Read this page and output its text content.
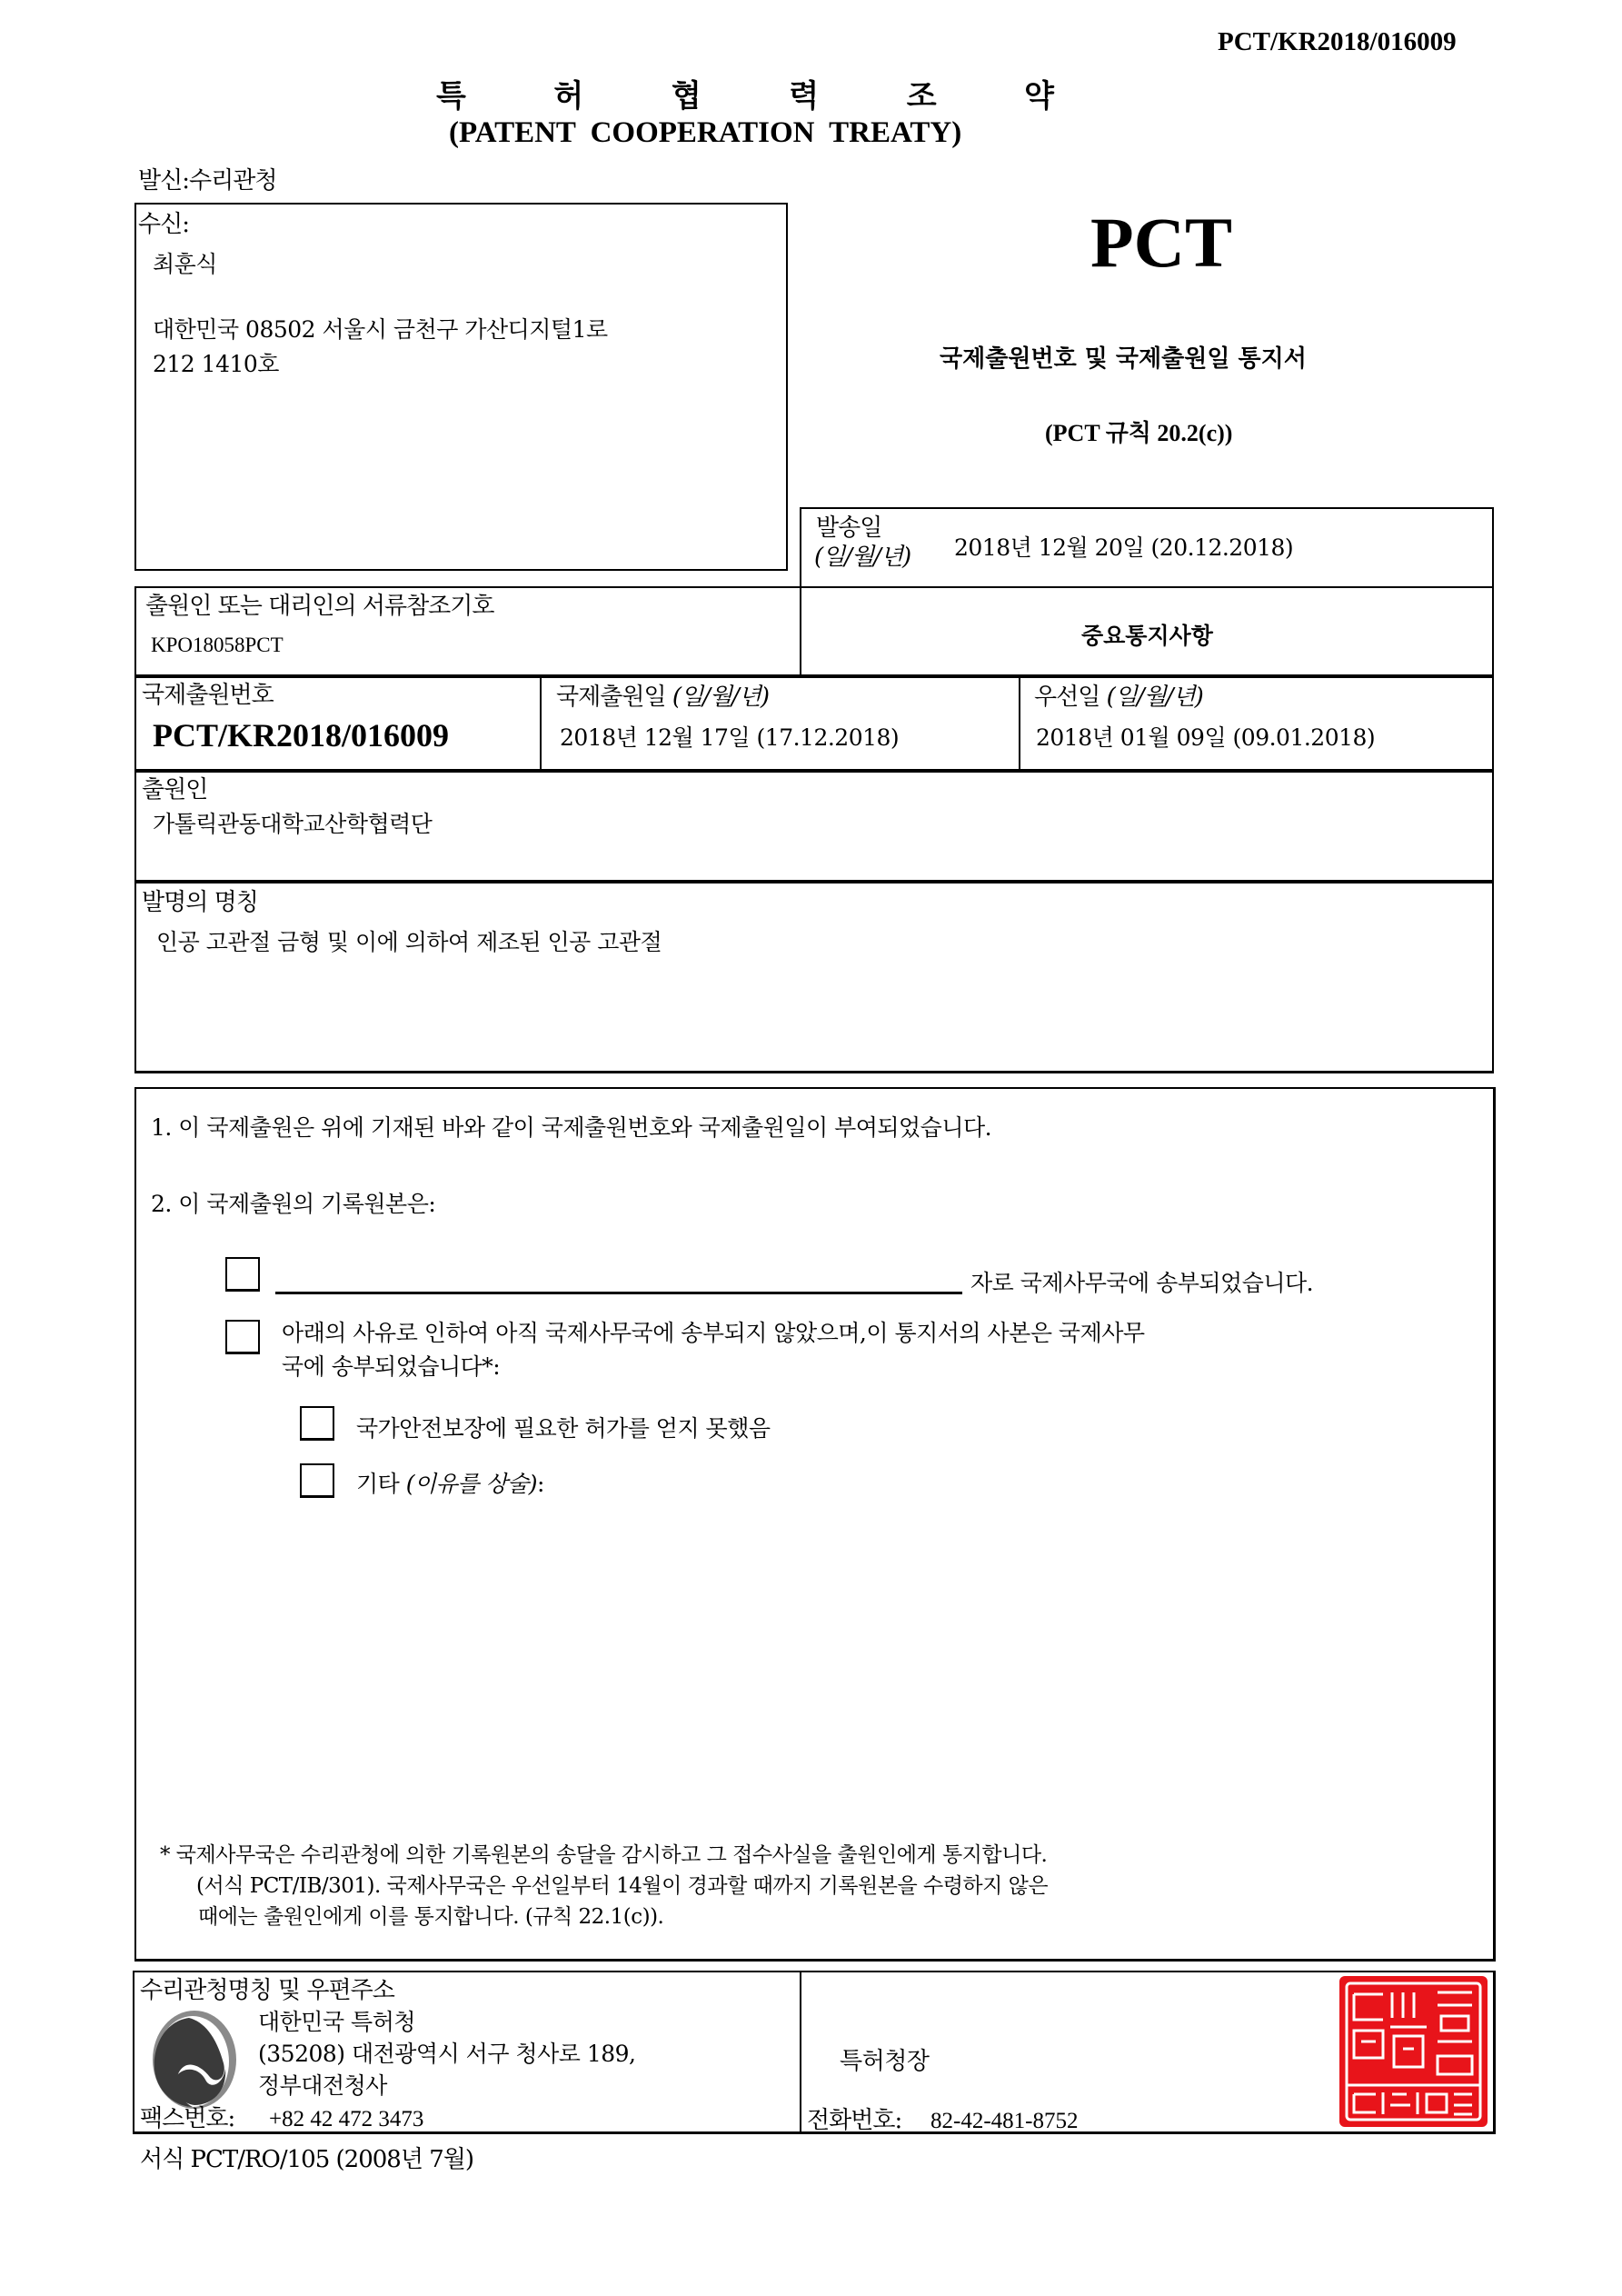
PCT/KR2018/016009
특	허	협	력	조	약
(PATENT COOPERATION TREATY)
발신:수리관청
수신:
최훈식
대한민국 08502 서울시 금천구 가산디지털1로
212 1410호
PCT
국제출원번호 및 국제출원일 통지서
(PCT 규칙 20.2(c))
발송일
(일/월/년) 2018년 12월 20일 (20.12.2018)
출원인 또는 대리인의 서류참조기호
KPO18058PCT	중요통지사항
국제출원번호
PCT/KR2018/016009
국제출원일 (일/월/년)
2018년 12월 17일 (17.12.2018)
우선일 (일/월/년)
2018년 01월 09일 (09.01.2018)
출원인
가톨릭관동대학교산학협력단
발명의 명칭
인공 고관절 금형 및 이에 의하여 제조된 인공 고관절
1. 이 국제출원은 위에 기재된 바와 같이 국제출원번호와 국제출원일이 부여되었습니다.
2. 이 국제출원의 기록원본은:
자로 국제사무국에 송부되었습니다.
아래의 사유로 인하여 아직 국제사무국에 송부되지 않았으며,이 통지서의 사본은 국제사무
국에 송부되었습니다*:
국가안전보장에 필요한 허가를 얻지 못했음
기타 (이유를 상술):
* 국제사무국은 수리관청에 의한 기록원본의 송달을 감시하고 그 접수사실을 출원인에게 통지합니다.
(서식 PCT/IB/301). 국제사무국은 우선일부터 14월이 경과할 때까지 기록원본을 수령하지 않은
때에는 출원인에게 이를 통지합니다. (규칙 22.1(c)).
수리관청명칭 및 우편주소
대한민국 특허청
(35208) 대전광역시 서구 청사로 189,
정부대전청사
팩스번호: +82 42 472 3473
특허청장
전화번호: 82-42-481-8752
서식 PCT/RO/105 (2008년 7월)
